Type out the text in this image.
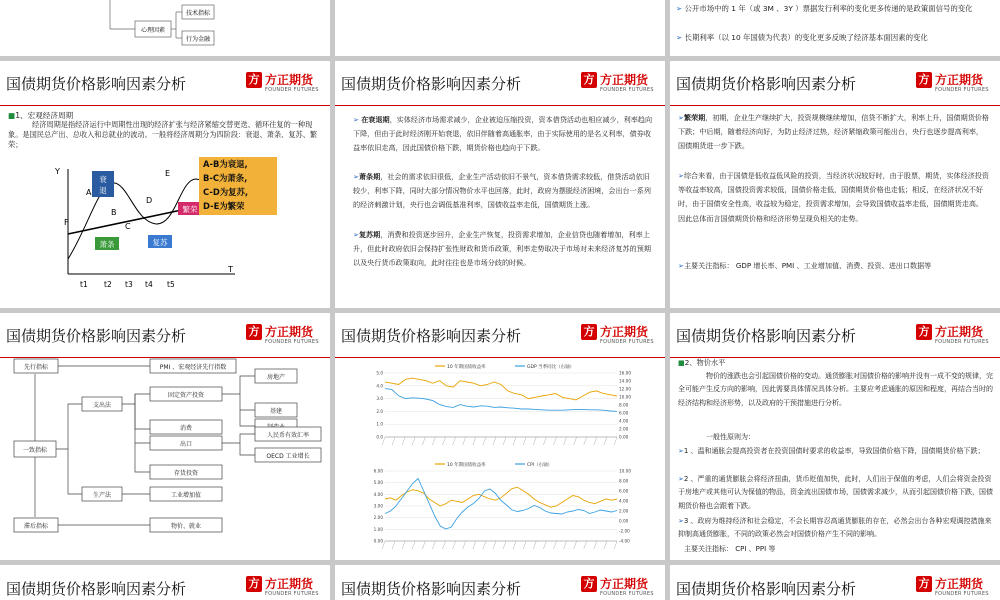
心理因素
技术指标
行为金融
➢ 公开市场中的 1 年（或 3M 、3Y ）票据发行利率的变化更多传递的是政策面信号的变化
➢ 长期利率（以 10 年国债为代表）的变化更多反映了经济基本面因素的变化
国债期货价格影响因素分析	方 方正期货
FOUNDER FUTURES
■1、宏观经济周期
经济周期是指经济运行中周期性出现的经济扩张与经济紧缩交替更迭、循环往复的一种现象。是国民总产出、总收入和总就业的波动。一般将经济周期分为四阶段：衰退、萧条、复苏、繁荣；
Y
T
A
B
C
D
E
F
衰
退
萧条	复苏
繁荣
t1 t2 t3 t4 t5
A-B为衰退,
B-C为萧条,
C-D为复苏,
D-E为繁荣
国债期货价格影响因素分析	方 方正期货
FOUNDER FUTURES
➢ 在衰退期，实体经济市场需求减少，企业被迫压缩投资，资本借贷活动也相应减少，利率趋向下降，但由于此时经济刚开始衰退，依旧伴随着高通胀率，由于实际使用的是名义利率，债券收益率依旧走高，因此国债价格下跌，期货价格也趋向于下跌。
➢萧条期，社会的需求依旧很低，企业生产活动依旧不景气，资本借贷需求较低，借贷活动依旧较少，利率下降，同时大部分情况物价水平也回落，此时，政府为摆脱经济困境，会出台一系列的经济刺激计划，央行也会调低基准利率，国债收益率走低，国债期货上涨。
➢复苏期，消费和投资逐步回升，企业生产恢复，投资需求增加，企业信贷也随着增加，利率上升，但此时政府依旧会保持扩张性财政和货币政策，利率走势取决于市场对未来经济复苏的预期以及央行货币政策取向，此时往往也是市场分歧的时候。
国债期货价格影响因素分析	方 方正期货
FOUNDER FUTURES
➢繁荣期，初期，企业生产继续扩大，投资规模继续增加，信贷不断扩大，利率上升，国债期货价格下跌；中后期，随着经济向好，为防止经济过热，经济紧缩政策可能出台，央行也逐步提高利率，国债期货进一步下跌。
➢综合来看，由于国债是低收益低风险的投资，当经济状况较好时，由于股票，期货，实体经济投资等收益率较高，国债投资需求较低，国债价格走低，国债期货价格也走低；相反，在经济状况不好时，由于国债安全性高，收益较为稳定，投资需求增加，会导致国债收益率走低，国债期货走高。因此总体而言国债期货价格和经济形势呈现负相关的走势。
➢主要关注指标： GDP 增长率、PMI 、工业增加值、消费、投资、进出口数据等
国债期货价格影响因素分析	方 方正期货
FOUNDER FUTURES
先行指标
一致指标
滞后指标
支出法
生产法
PMI 、宏观经济先行指数
固定资产投资
消费
出口
存货投资
工业增加值
物价、就业
房地产
基建
人民币有效汇率
OECD 工业增长
国债期货价格影响因素分析	方 方正期货
FOUNDER FUTURES
10 年期国债收益率	GDP 当季同比（右轴）
5.0
4.0
3.0
2.0
1.0
0.0
16.00
14.00
12.00
10.00
8.00
6.00
4.00
2.00
0.00
10 年期国债收益率	CPI（右轴）
6.00
5.00
4.00
3.00
2.00
1.00
0.00
10.00
8.00
6.00
4.00
2.00
0.00
-2.00
-4.00
国债期货价格影响因素分析	方 方正期货
FOUNDER FUTURES
■2、物价水平
物价的涨跌也会引起国债价格的变动。通货膨胀对国债价格的影响并没有一成不变的规律，完全可能产生反方向的影响，因此需要具体情况具体分析。主要应考虑通胀的原因和程度，再结合当时的经济结构和经济形势，以及政府的干预措施进行分析。
一般性原则为：
➢1 、温和通胀会提高投资者在投资国债时要求的收益率，导致国债价格下降，国债期货价格下跌；
➢2 、严重的通货膨胀会将经济扭曲，货币贬值加快，此时，人们出于保值的考虑，人们会将资金投资于房地产或其他可认为保值的物品，资金流出国债市场，国债需求减少，从而引起国债价格下跌，国债期货价格也会跟着下跌。
➢3 、政府为维持经济和社会稳定，不会长期容忍高通货膨胀的存在，必然会出台各种宏观调控措施来抑制高通货膨胀，不同的政策必然会对国债价格产生不同的影响。
主要关注指标： CPI 、PPI 等
国债期货价格影响因素分析	方 方正期货
FOUNDER FUTURES 国债期货价格影响因素分析	方 方正期货
FOUNDER FUTURES 国债期货价格影响因素分析	方 方正期货
FOUNDER FUTURES
